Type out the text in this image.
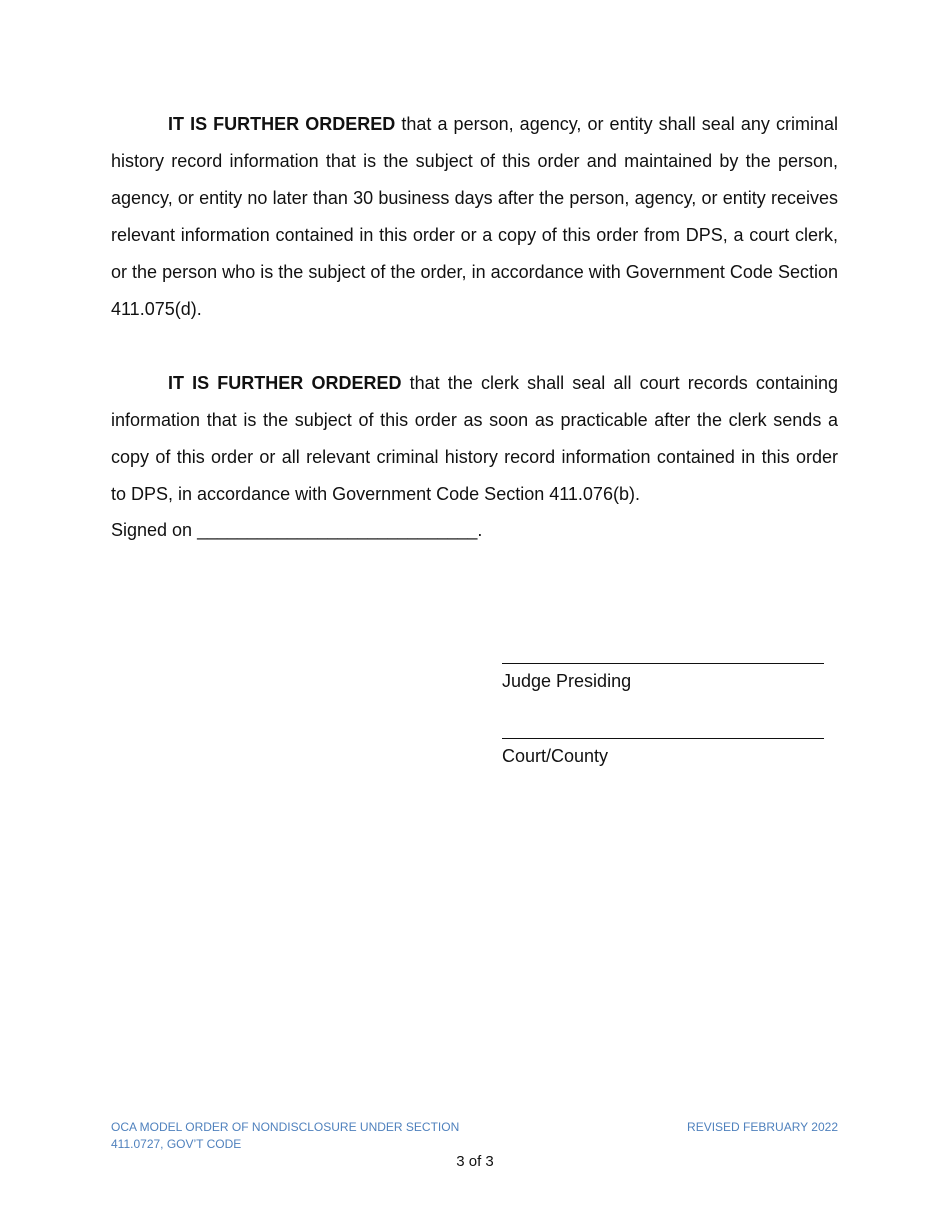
IT IS FURTHER ORDERED that a person, agency, or entity shall seal any criminal history record information that is the subject of this order and maintained by the person, agency, or entity no later than 30 business days after the person, agency, or entity receives relevant information contained in this order or a copy of this order from DPS, a court clerk, or the person who is the subject of the order, in accordance with Government Code Section 411.075(d).

IT IS FURTHER ORDERED that the clerk shall seal all court records containing information that is the subject of this order as soon as practicable after the clerk sends a copy of this order or all relevant criminal history record information contained in this order to DPS, in accordance with Government Code Section 411.076(b).

Signed on ____________________________.

Judge Presiding
Court/County
OCA MODEL ORDER OF NONDISCLOSURE UNDER SECTION
411.0727, GOV’T CODE
REVISED FEBRUARY 2022
3 of 3
